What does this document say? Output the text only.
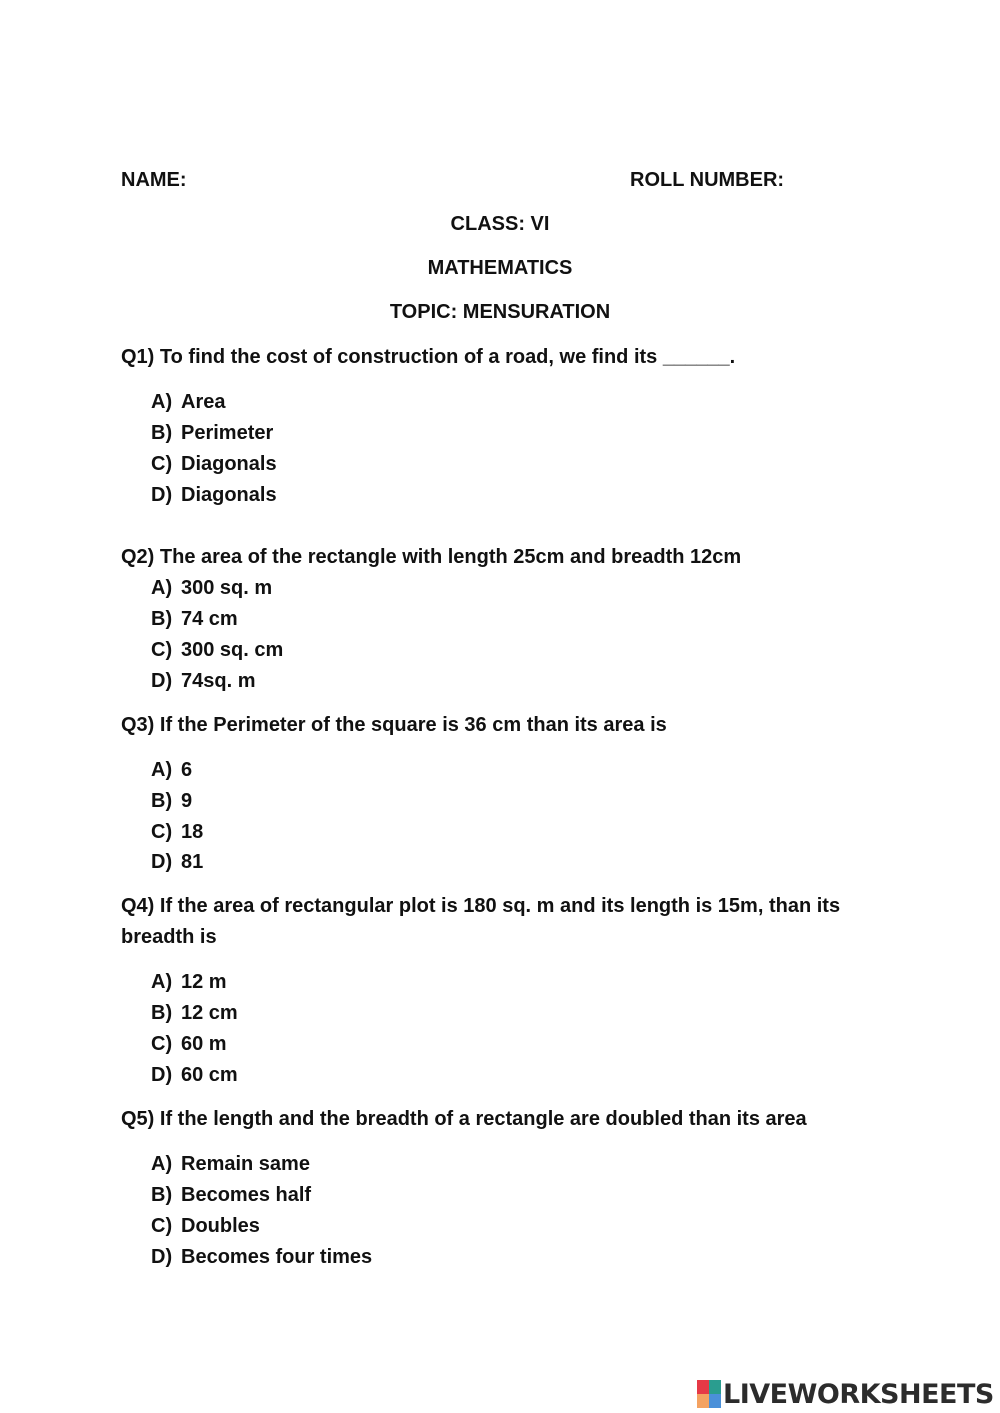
NAME:	ROLL NUMBER:
CLASS: VI
MATHEMATICS
TOPIC: MENSURATION
Q1) To find the cost of construction of a road, we find its ______.
A) Area
B) Perimeter
C) Diagonals
D) Diagonals
Q2) The area of the rectangle with length 25cm and breadth 12cm
A) 300 sq. m
B) 74 cm
C) 300 sq. cm
D) 74sq. m
Q3) If the Perimeter of the square is 36 cm than its area is
A) 6
B) 9
C) 18
D) 81
Q4) If the area of rectangular plot is 180 sq. m and its length is 15m, than its breadth is
A) 12 m
B) 12 cm
C) 60 m
D) 60 cm
Q5) If the length and the breadth of a rectangle are doubled than its area
A) Remain same
B) Becomes half
C) Doubles
D) Becomes four times
LIVEWORKSHEETS
